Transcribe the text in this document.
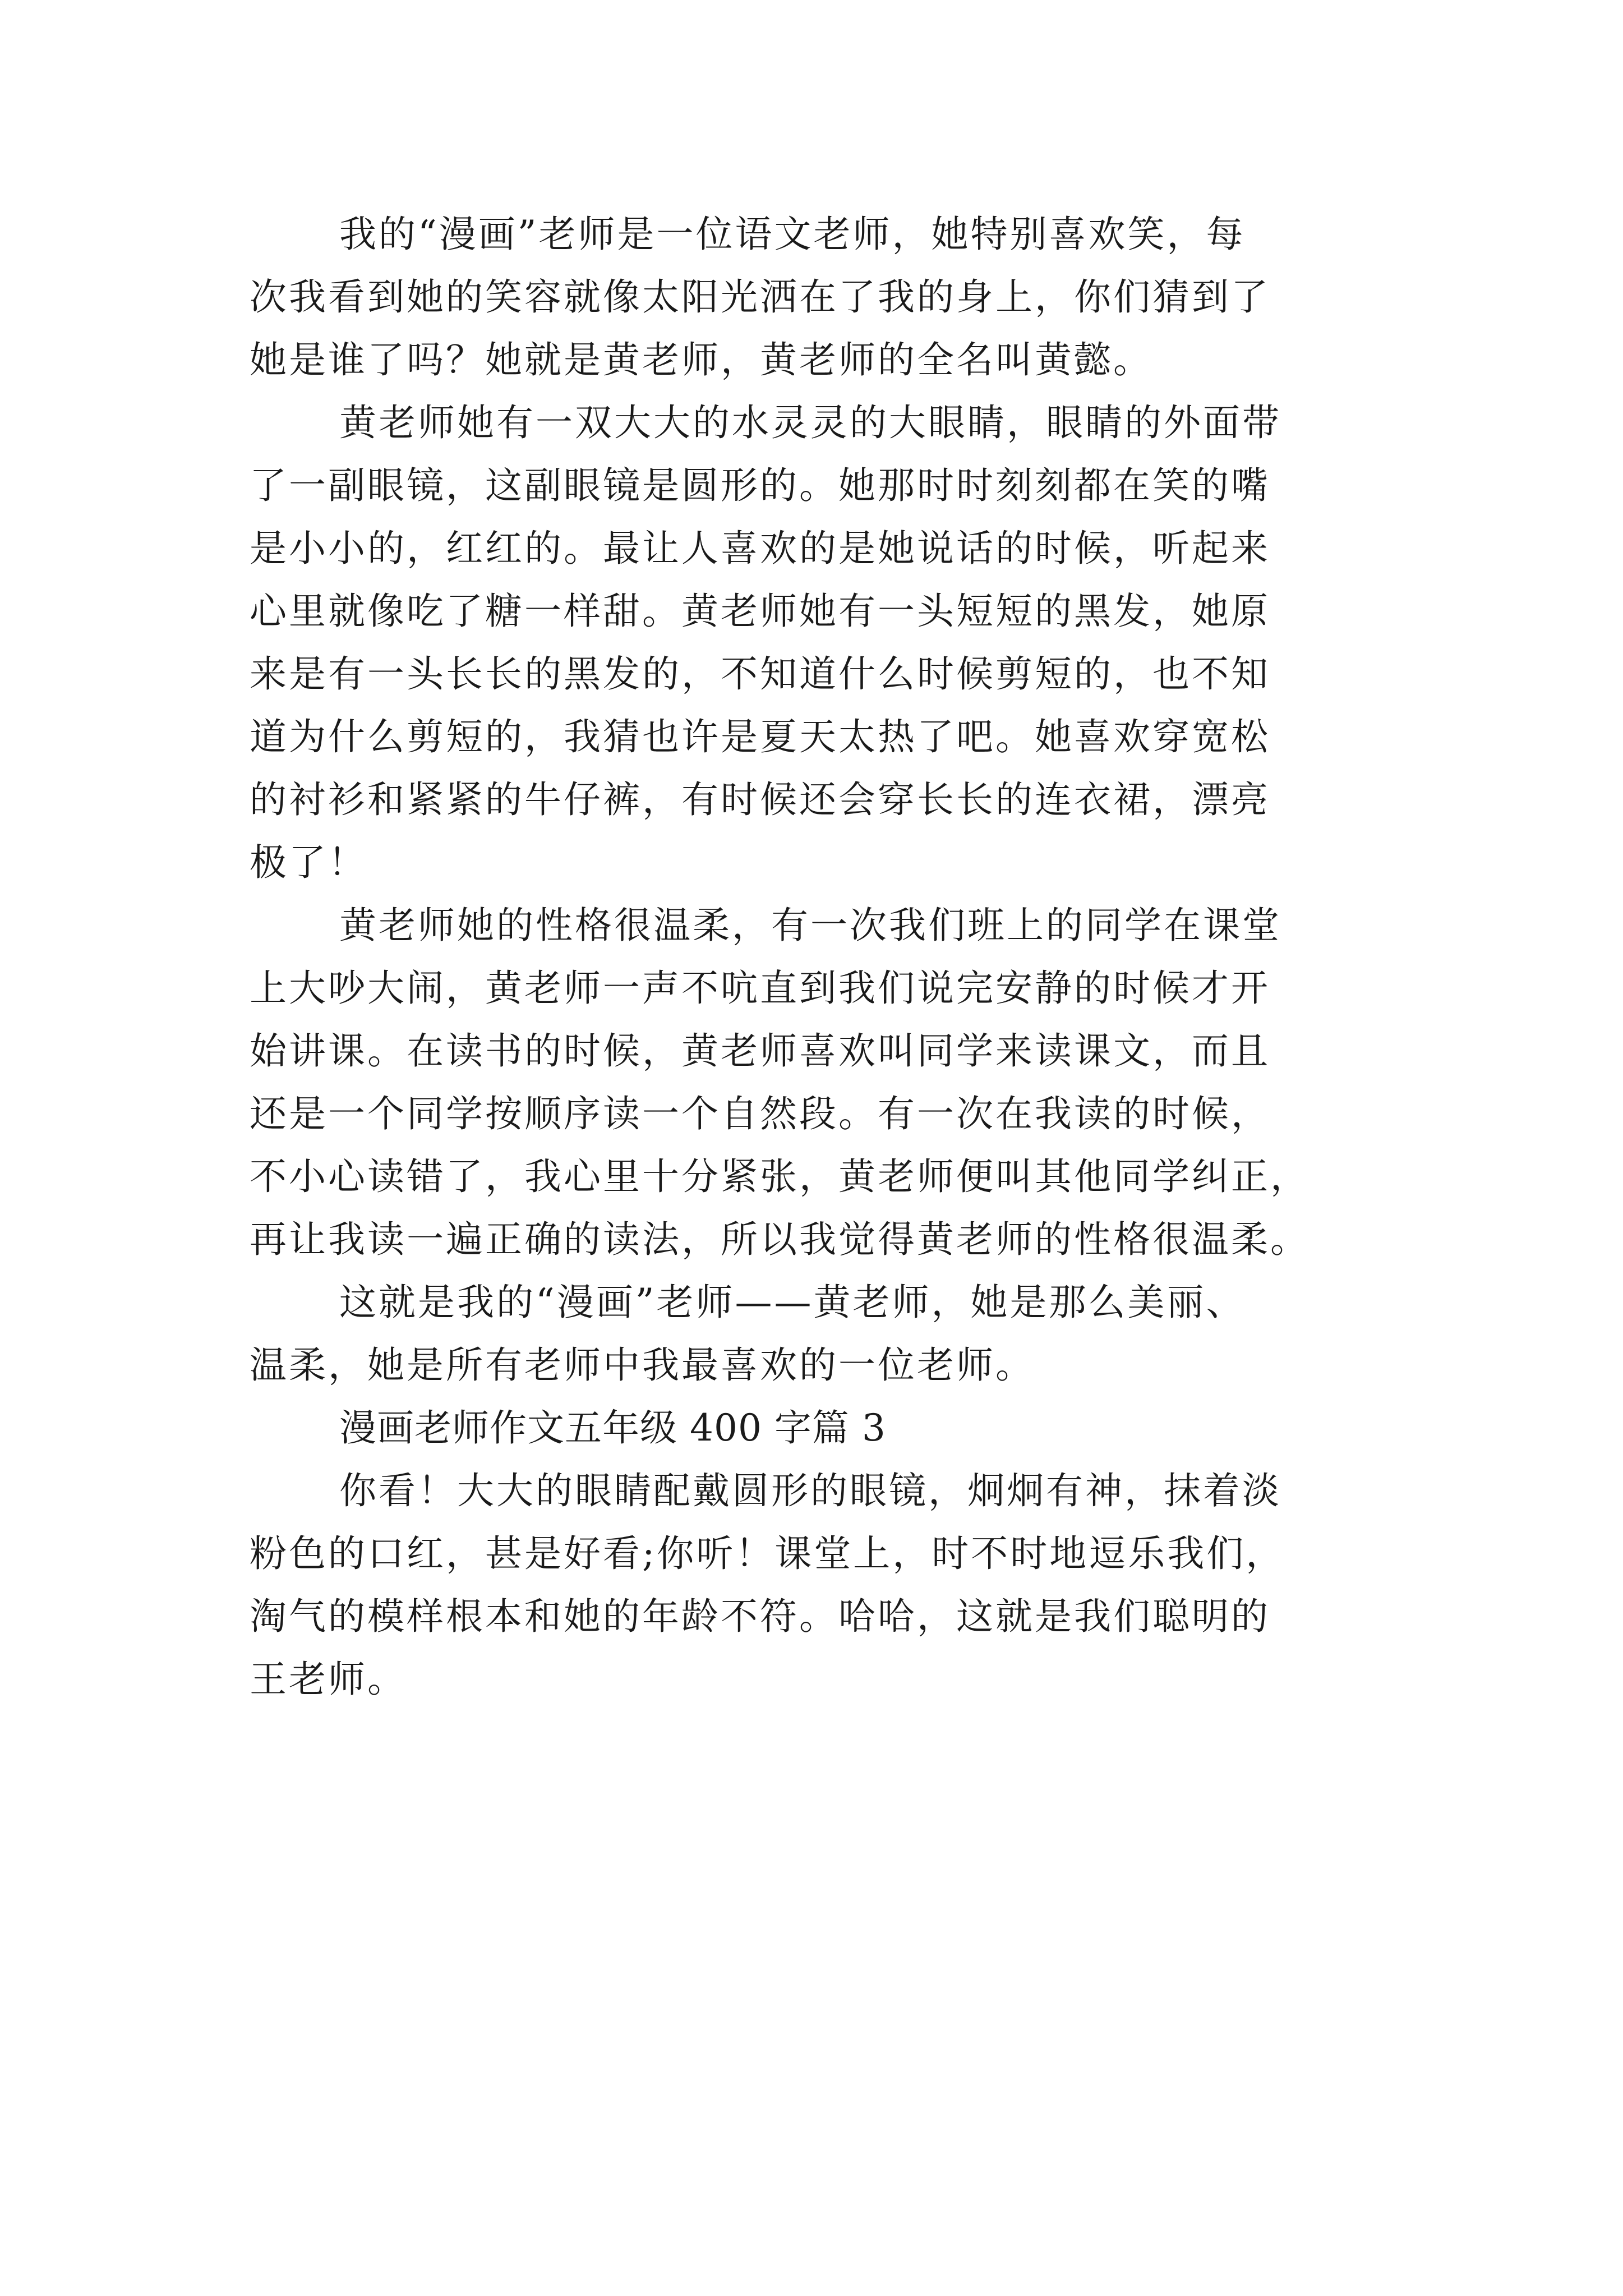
我的“漫画”老师是一位语文老师，她特别喜欢笑，每
次我看到她的笑容就像太阳光洒在了我的身上，你们猜到了
她是谁了吗？她就是黄老师，黄老师的全名叫黄懿。

黄老师她有一双大大的水灵灵的大眼睛，眼睛的外面带
了一副眼镜，这副眼镜是圆形的。她那时时刻刻都在笑的嘴
是小小的，红红的。最让人喜欢的是她说话的时候，听起来
心里就像吃了糖一样甜。黄老师她有一头短短的黑发，她原
来是有一头长长的黑发的，不知道什么时候剪短的，也不知
道为什么剪短的，我猜也许是夏天太热了吧。她喜欢穿宽松
的衬衫和紧紧的牛仔裤，有时候还会穿长长的连衣裙，漂亮
极了！

黄老师她的性格很温柔，有一次我们班上的同学在课堂
上大吵大闹，黄老师一声不吭直到我们说完安静的时候才开
始讲课。在读书的时候，黄老师喜欢叫同学来读课文，而且
还是一个同学按顺序读一个自然段。有一次在我读的时候，
不小心读错了，我心里十分紧张，黄老师便叫其他同学纠正，
再让我读一遍正确的读法，所以我觉得黄老师的性格很温柔。

这就是我的“漫画”老师——黄老师，她是那么美丽、
温柔，她是所有老师中我最喜欢的一位老师。

漫画老师作文五年级 400 字篇 3

你看！大大的眼睛配戴圆形的眼镜，炯炯有神，抹着淡
粉色的口红，甚是好看;你听！课堂上，时不时地逗乐我们，
淘气的模样根本和她的年龄不符。哈哈，这就是我们聪明的
王老师。
